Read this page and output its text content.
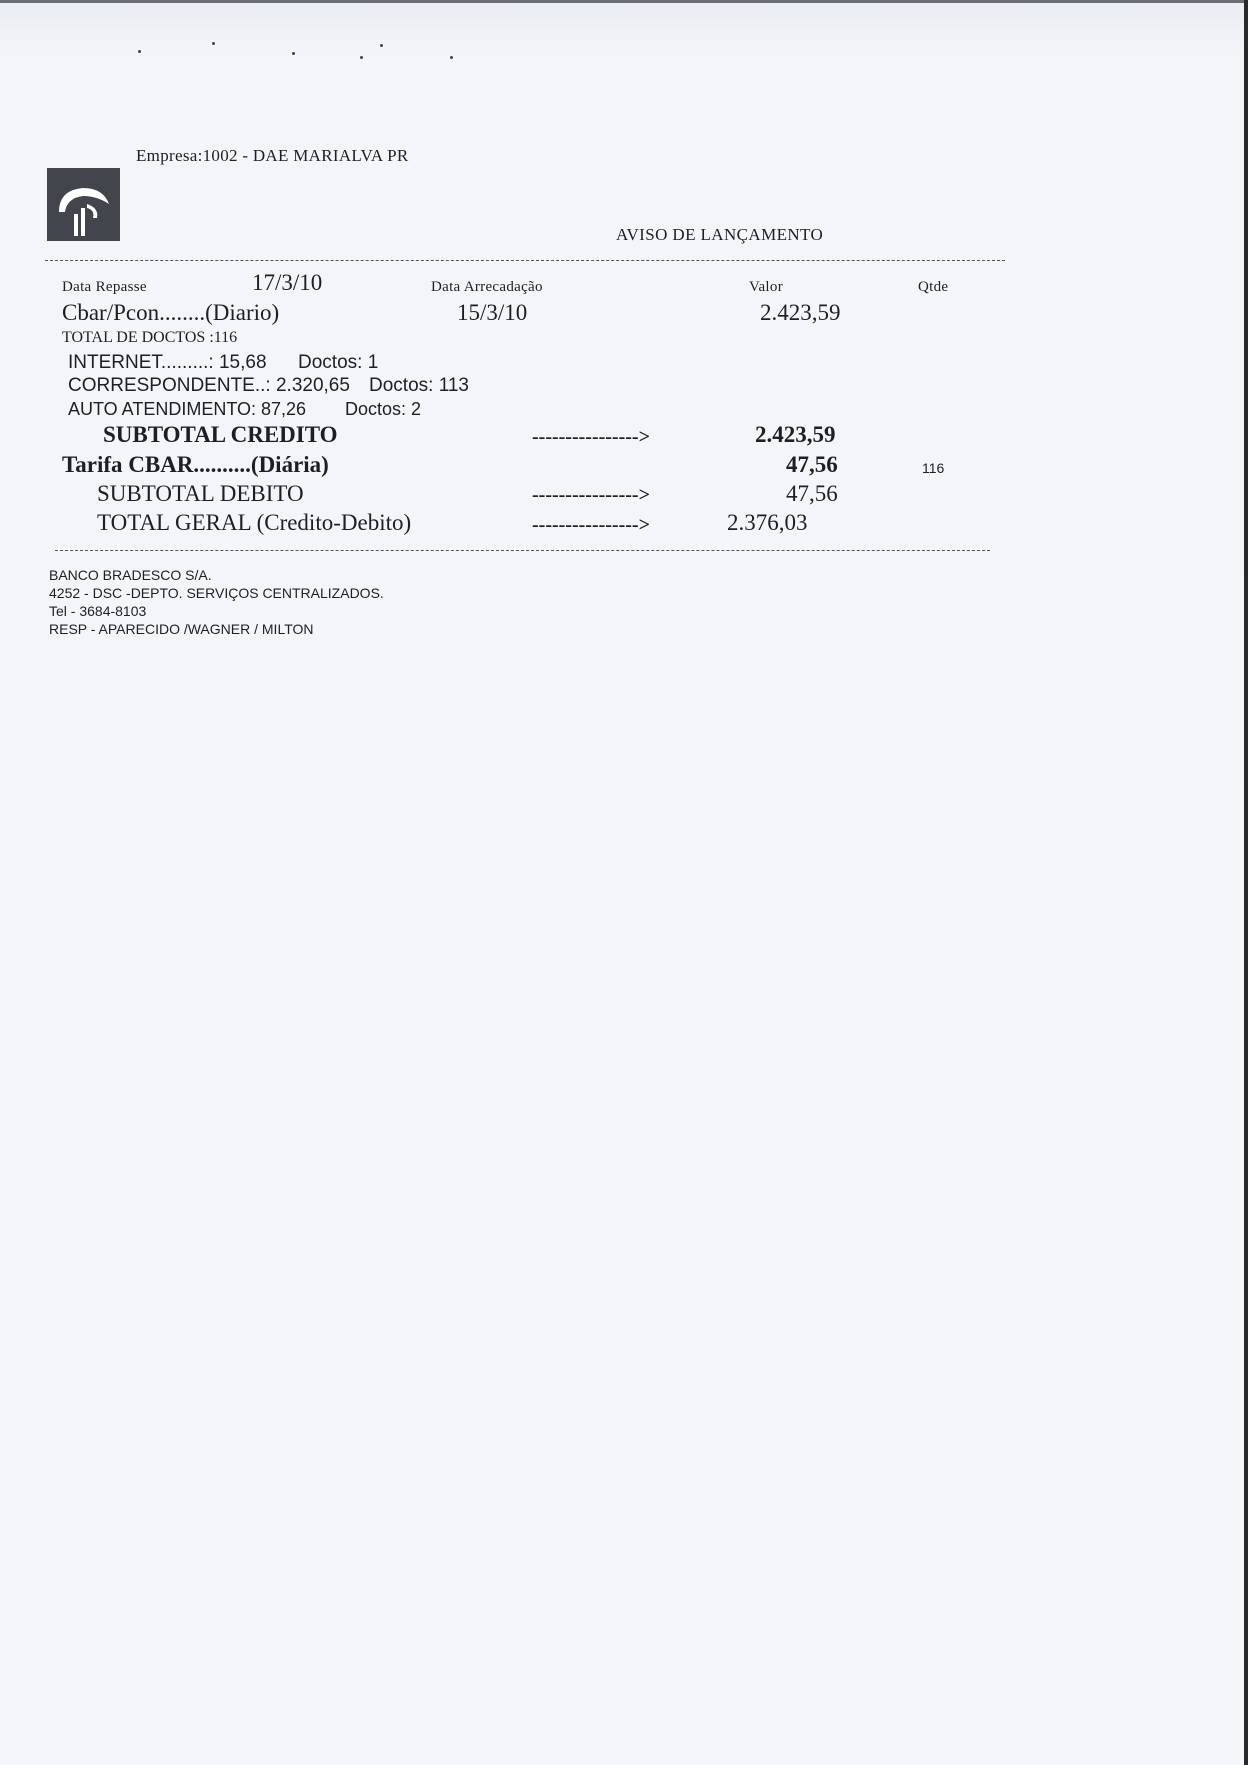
Empresa:1002 - DAE MARIALVA PR
AVISO DE LANÇAMENTO
Data Repasse	17/3/10	Data Arrecadação	Valor	Qtde
Cbar/Pcon........(Diario)	15/3/10	2.423,59
TOTAL DE DOCTOS :116
INTERNET.........: 15,68 Doctos: 1
CORRESPONDENTE..: 2.320,65 Doctos: 113
AUTO ATENDIMENTO: 87,26 Doctos: 2
SUBTOTAL CREDITO	---------------->	2.423,59
Tarifa CBAR..........(Diária)	47,56	116
SUBTOTAL DEBITO	---------------->	47,56
TOTAL GERAL (Credito-Debito)	---------------->	2.376,03
BANCO BRADESCO S/A.
4252 - DSC -DEPTO. SERVIÇOS CENTRALIZADOS.
Tel - 3684-8103
RESP - APARECIDO /WAGNER / MILTON
